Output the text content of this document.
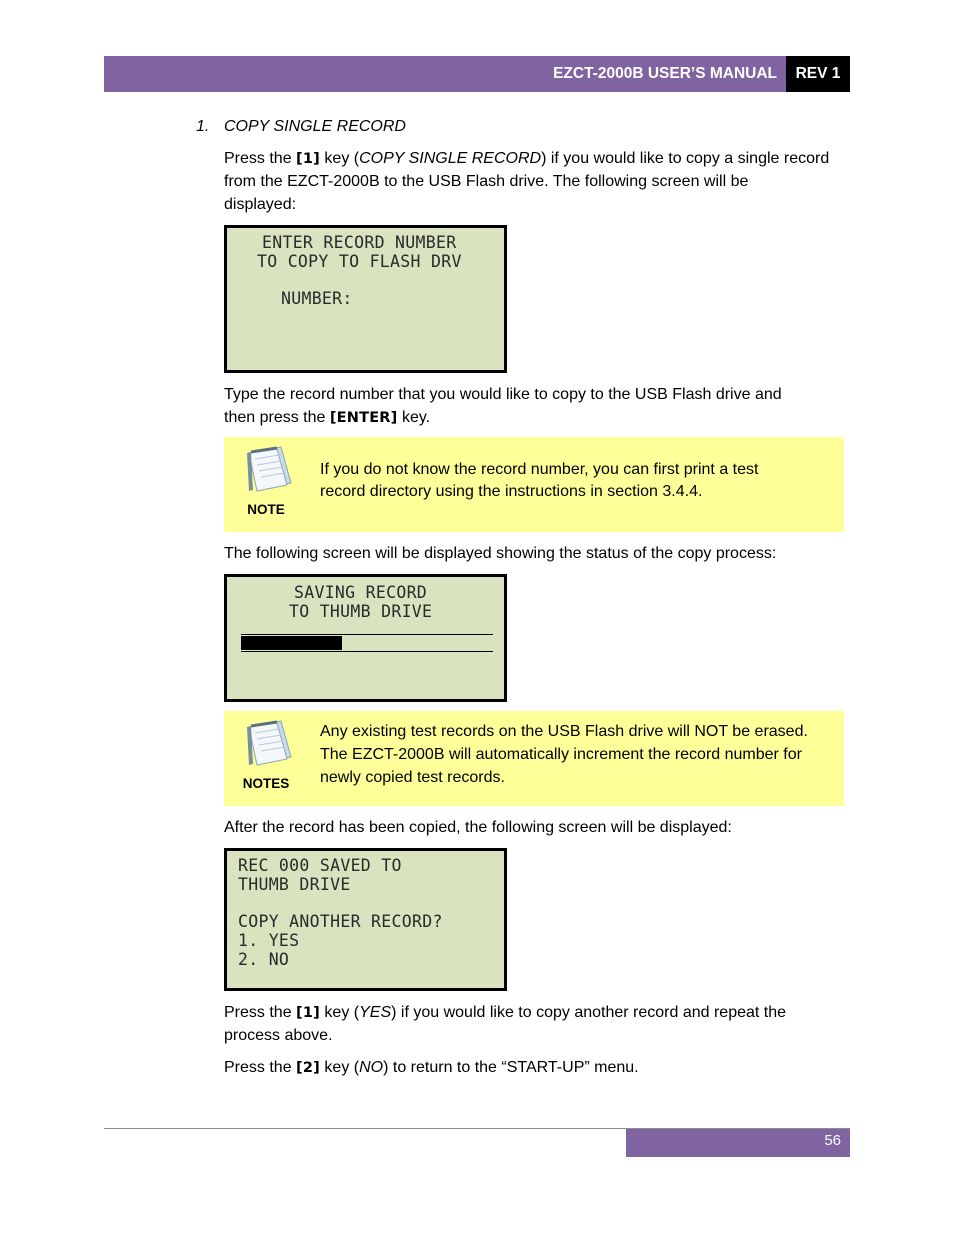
EZCT-2000B USER’S MANUAL	REV 1
1. COPY SINGLE RECORD
Press the [1] key (COPY SINGLE RECORD) if you would like to copy a single record
from the EZCT-2000B to the USB Flash drive. The following screen will be
displayed:
ENTER RECORD NUMBER
TO COPY TO FLASH DRV
NUMBER:
Type the record number that you would like to copy to the USB Flash drive and
then press the [ENTER] key.
NOTE
If you do not know the record number, you can first print a test
record directory using the instructions in section 3.4.4.
The following screen will be displayed showing the status of the copy process:
SAVING RECORD
TO THUMB DRIVE
NOTES
Any existing test records on the USB Flash drive will NOT be erased.
The EZCT-2000B will automatically increment the record number for
newly copied test records.
After the record has been copied, the following screen will be displayed:
REC 000 SAVED TO
THUMB DRIVE
COPY ANOTHER RECORD?
1. YES
2. NO
Press the [1] key (YES) if you would like to copy another record and repeat the
process above.
Press the [2] key (NO) to return to the “START-UP” menu.
56
